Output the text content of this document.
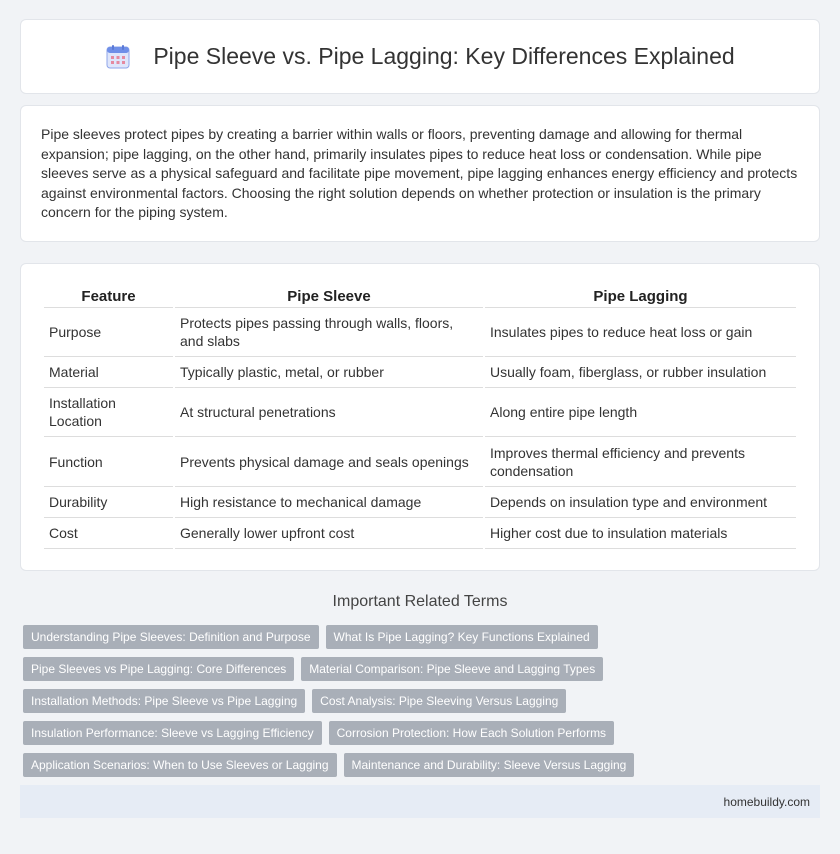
Pipe Sleeve vs. Pipe Lagging: Key Differences Explained

Pipe sleeves protect pipes by creating a barrier within walls or floors, preventing damage and allowing for thermal expansion; pipe lagging, on the other hand, primarily insulates pipes to reduce heat loss or condensation. While pipe sleeves serve as a physical safeguard and facilitate pipe movement, pipe lagging enhances energy efficiency and protects against environmental factors. Choosing the right solution depends on whether protection or insulation is the primary concern for the piping system.

Feature	Pipe Sleeve	Pipe Lagging
Purpose	Protects pipes passing through walls, floors, and slabs	Insulates pipes to reduce heat loss or gain
Material	Typically plastic, metal, or rubber	Usually foam, fiberglass, or rubber insulation
Installation Location	At structural penetrations	Along entire pipe length
Function	Prevents physical damage and seals openings	Improves thermal efficiency and prevents condensation
Durability	High resistance to mechanical damage	Depends on insulation type and environment
Cost	Generally lower upfront cost	Higher cost due to insulation materials
Important Related Terms
Understanding Pipe Sleeves: Definition and Purpose	What Is Pipe Lagging? Key Functions Explained
Pipe Sleeves vs Pipe Lagging: Core Differences	Material Comparison: Pipe Sleeve and Lagging Types
Installation Methods: Pipe Sleeve vs Pipe Lagging	Cost Analysis: Pipe Sleeving Versus Lagging
Insulation Performance: Sleeve vs Lagging Efficiency	Corrosion Protection: How Each Solution Performs
Application Scenarios: When to Use Sleeves or Lagging	Maintenance and Durability: Sleeve Versus Lagging
homebuildy.com
